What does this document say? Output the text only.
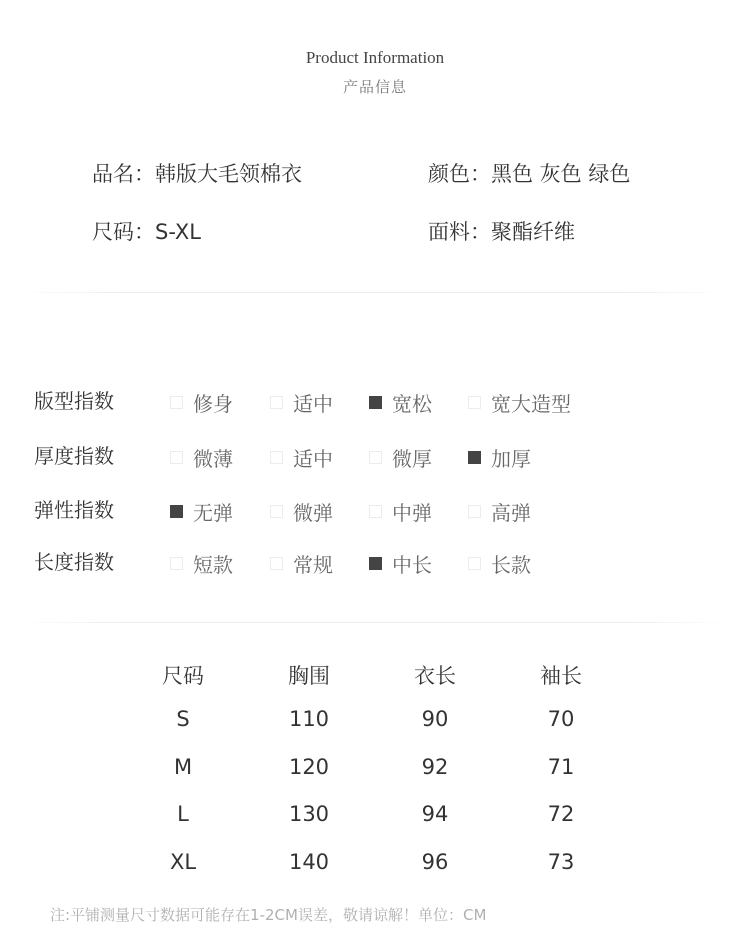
Product Information
产品信息
品名：韩版大毛领棉衣	颜色：黑色 灰色 绿色
尺码：S-XL	面料：聚酯纤维
版型指数	修身	适中	宽松	宽大造型
厚度指数	微薄	适中	微厚	加厚
弹性指数	无弹	微弹	中弹	高弹
长度指数	短款	常规	中长	长款
尺码	胸围	衣长	袖长
S	110	90	70
M	120	92	71
L	130	94	72
XL	140	96	73
注:平铺测量尺寸数据可能存在1-2CM误差，敬请谅解！单位：CM
